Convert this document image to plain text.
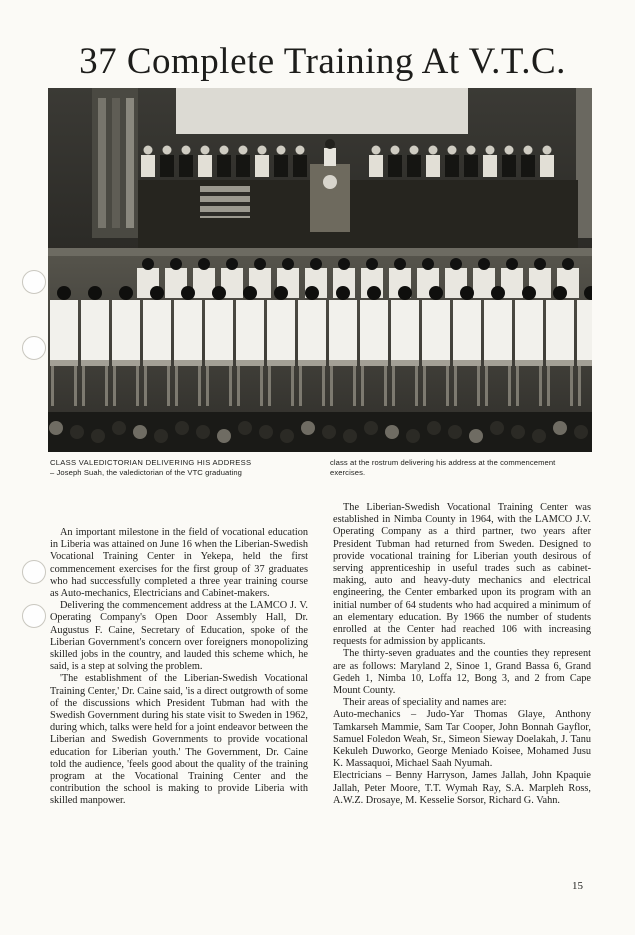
37 Complete Training At V.T.C.

CLASS VALEDICTORIAN DELIVERING HIS ADDRESS
– Joseph Suah, the valedictorian of the VTC graduating

class at the rostrum delivering his address at the commencement exercises.

An important milestone in the field of vocational education in Liberia was attained on June 16 when the Liberian-Swedish Vocational Training Center in Yekepa, held the first commencement exercises for the first group of 37 graduates who had successfully completed a three year training course as Auto-mechanics, Electricians and Cabinet-makers.

Delivering the commencement address at the LAMCO J. V. Operating Company's Open Door Assembly Hall, Dr. Augustus F. Caine, Secretary of Education, spoke of the Liberian Government's concern over foreigners monopolizing skilled jobs in the country, and lauded this scheme which, he said, is a step at solving the problem.

'The establishment of the Liberian-Swedish Vocational Training Center,' Dr. Caine said, 'is a direct outgrowth of some of the discussions which President Tubman had with the Swedish Government during his state visit to Sweden in 1962, during which, talks were held for a joint endeavor between the Liberian and Swedish Governments to provide vocational education for Liberian youth.' The Government, Dr. Caine told the audience, 'feels good about the quality of the training program at the Vocational Training Center and the contribution the school is making to provide Liberia with skilled manpower.

The Liberian-Swedish Vocational Training Center was established in Nimba County in 1964, with the LAMCO J.V. Operating Company as a third partner, two years after President Tubman had returned from Sweden. Designed to provide vocational training for Liberian youth desirous of serving apprenticeship in useful trades such as cabinet-making, auto and heavy-duty mechanics and electrical engineering, the Center embarked upon its program with an initial number of 64 students who had acquired a minimum of an elementary education. By 1966 the number of students enrolled at the Center had reached 106 with increasing requests for admission by applicants.

The thirty-seven graduates and the counties they represent are as follows: Maryland 2, Sinoe 1, Grand Bassa 6, Grand Gedeh 1, Nimba 10, Loffa 12, Bong 3, and 2 from Cape Mount County.

Their areas of speciality and names are:

Auto-mechanics – Judo-Yar Thomas Glaye, Anthony Tamkarseh Mammie, Sam Tar Cooper, John Bonnah Gayflor, Samuel Foledon Weah, Sr., Simeon Sieway Doelakah, J. Tanu Kekuleh Duworko, George Meniado Koisee, Mohamed Jusu K. Massaquoi, Michael Saah Nyumah.

Electricians – Benny Harryson, James Jallah, John Kpaquie Jallah, Peter Moore, T.T. Wymah Ray, S.A. Marpleh Ross, A.W.Z. Drosaye, M. Kesselie Sorsor, Richard G. Vahn.

15
